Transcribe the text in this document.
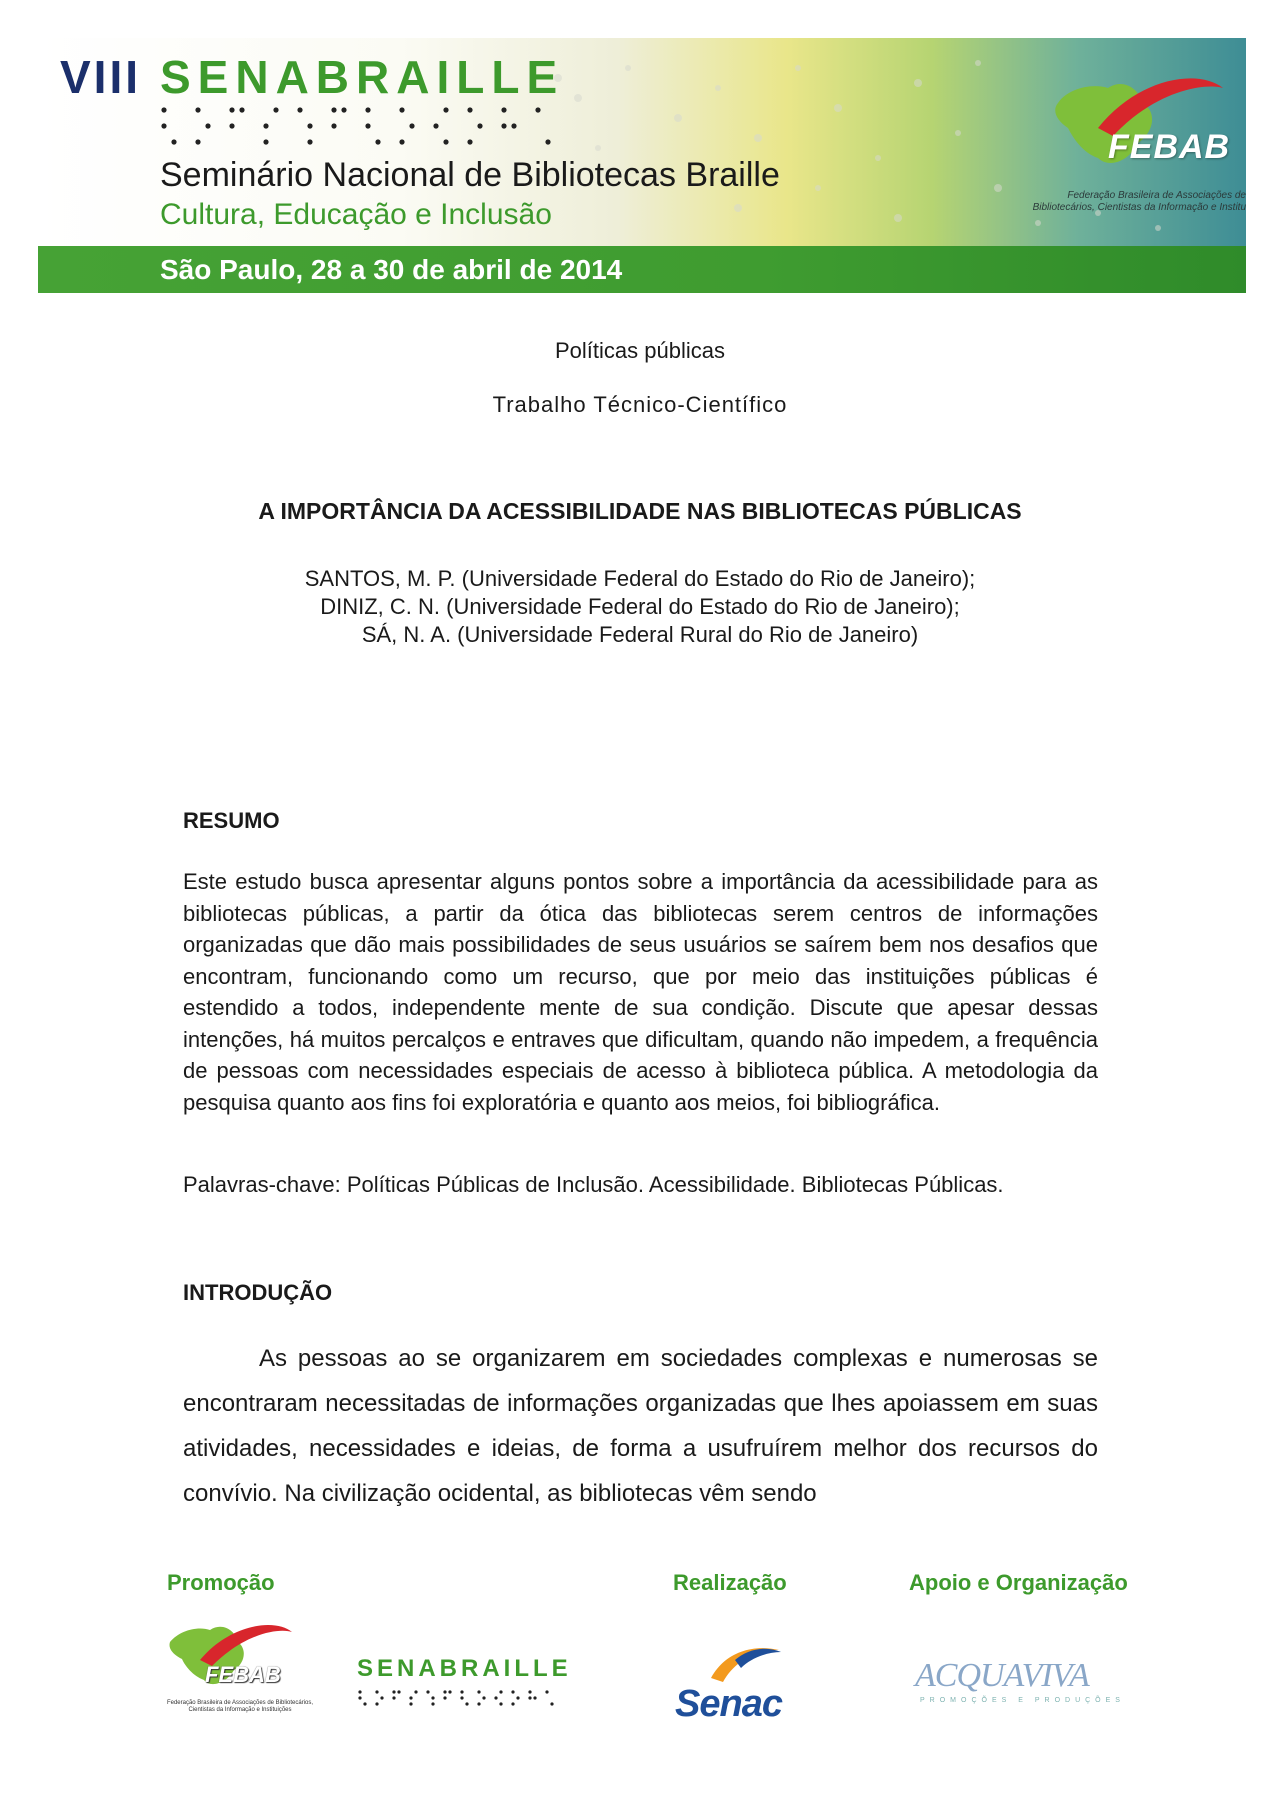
VIII SENABRAILLE
Seminário Nacional de Bibliotecas Braille
Cultura, Educação e Inclusão
FEBAB
Federação Brasileira de Associações de Bibliotecários, Cientistas da Informação e Institu
São Paulo, 28 a 30 de abril de 2014
Políticas públicas
Trabalho Técnico-Científico
A IMPORTÂNCIA DA ACESSIBILIDADE NAS BIBLIOTECAS PÚBLICAS
SANTOS, M. P. (Universidade Federal do Estado do Rio de Janeiro);
DINIZ, C. N. (Universidade Federal do Estado do Rio de Janeiro);
SÁ, N. A. (Universidade Federal Rural do Rio de Janeiro)
RESUMO
Este estudo busca apresentar alguns pontos sobre a importância da acessibilidade para as bibliotecas públicas, a partir da ótica das bibliotecas serem centros de informações organizadas que dão mais possibilidades de seus usuários se saírem bem nos desafios que encontram, funcionando como um recurso, que por meio das instituições públicas é estendido a todos, independente mente de sua condição. Discute que apesar dessas intenções, há muitos percalços e entraves que dificultam, quando não impedem, a frequência de pessoas com necessidades especiais de acesso à biblioteca pública. A metodologia da pesquisa quanto aos fins foi exploratória e quanto aos meios, foi bibliográfica.
Palavras-chave: Políticas Públicas de Inclusão. Acessibilidade. Bibliotecas Públicas.
INTRODUÇÃO
As pessoas ao se organizarem em sociedades complexas e numerosas se encontraram necessitadas de informações organizadas que lhes apoiassem em suas atividades, necessidades e ideias, de forma a usufruírem melhor dos recursos do convívio. Na civilização ocidental, as bibliotecas vêm sendo
Promoção	Realização	Apoio e Organização
FEBAB
Federação Brasileira de Associações de Bibliotecários, Cientistas da Informação e Instituições
SENABRAILLE
Senac
ACQUAVIVA
PROMOÇÕES E PRODUÇÕES
